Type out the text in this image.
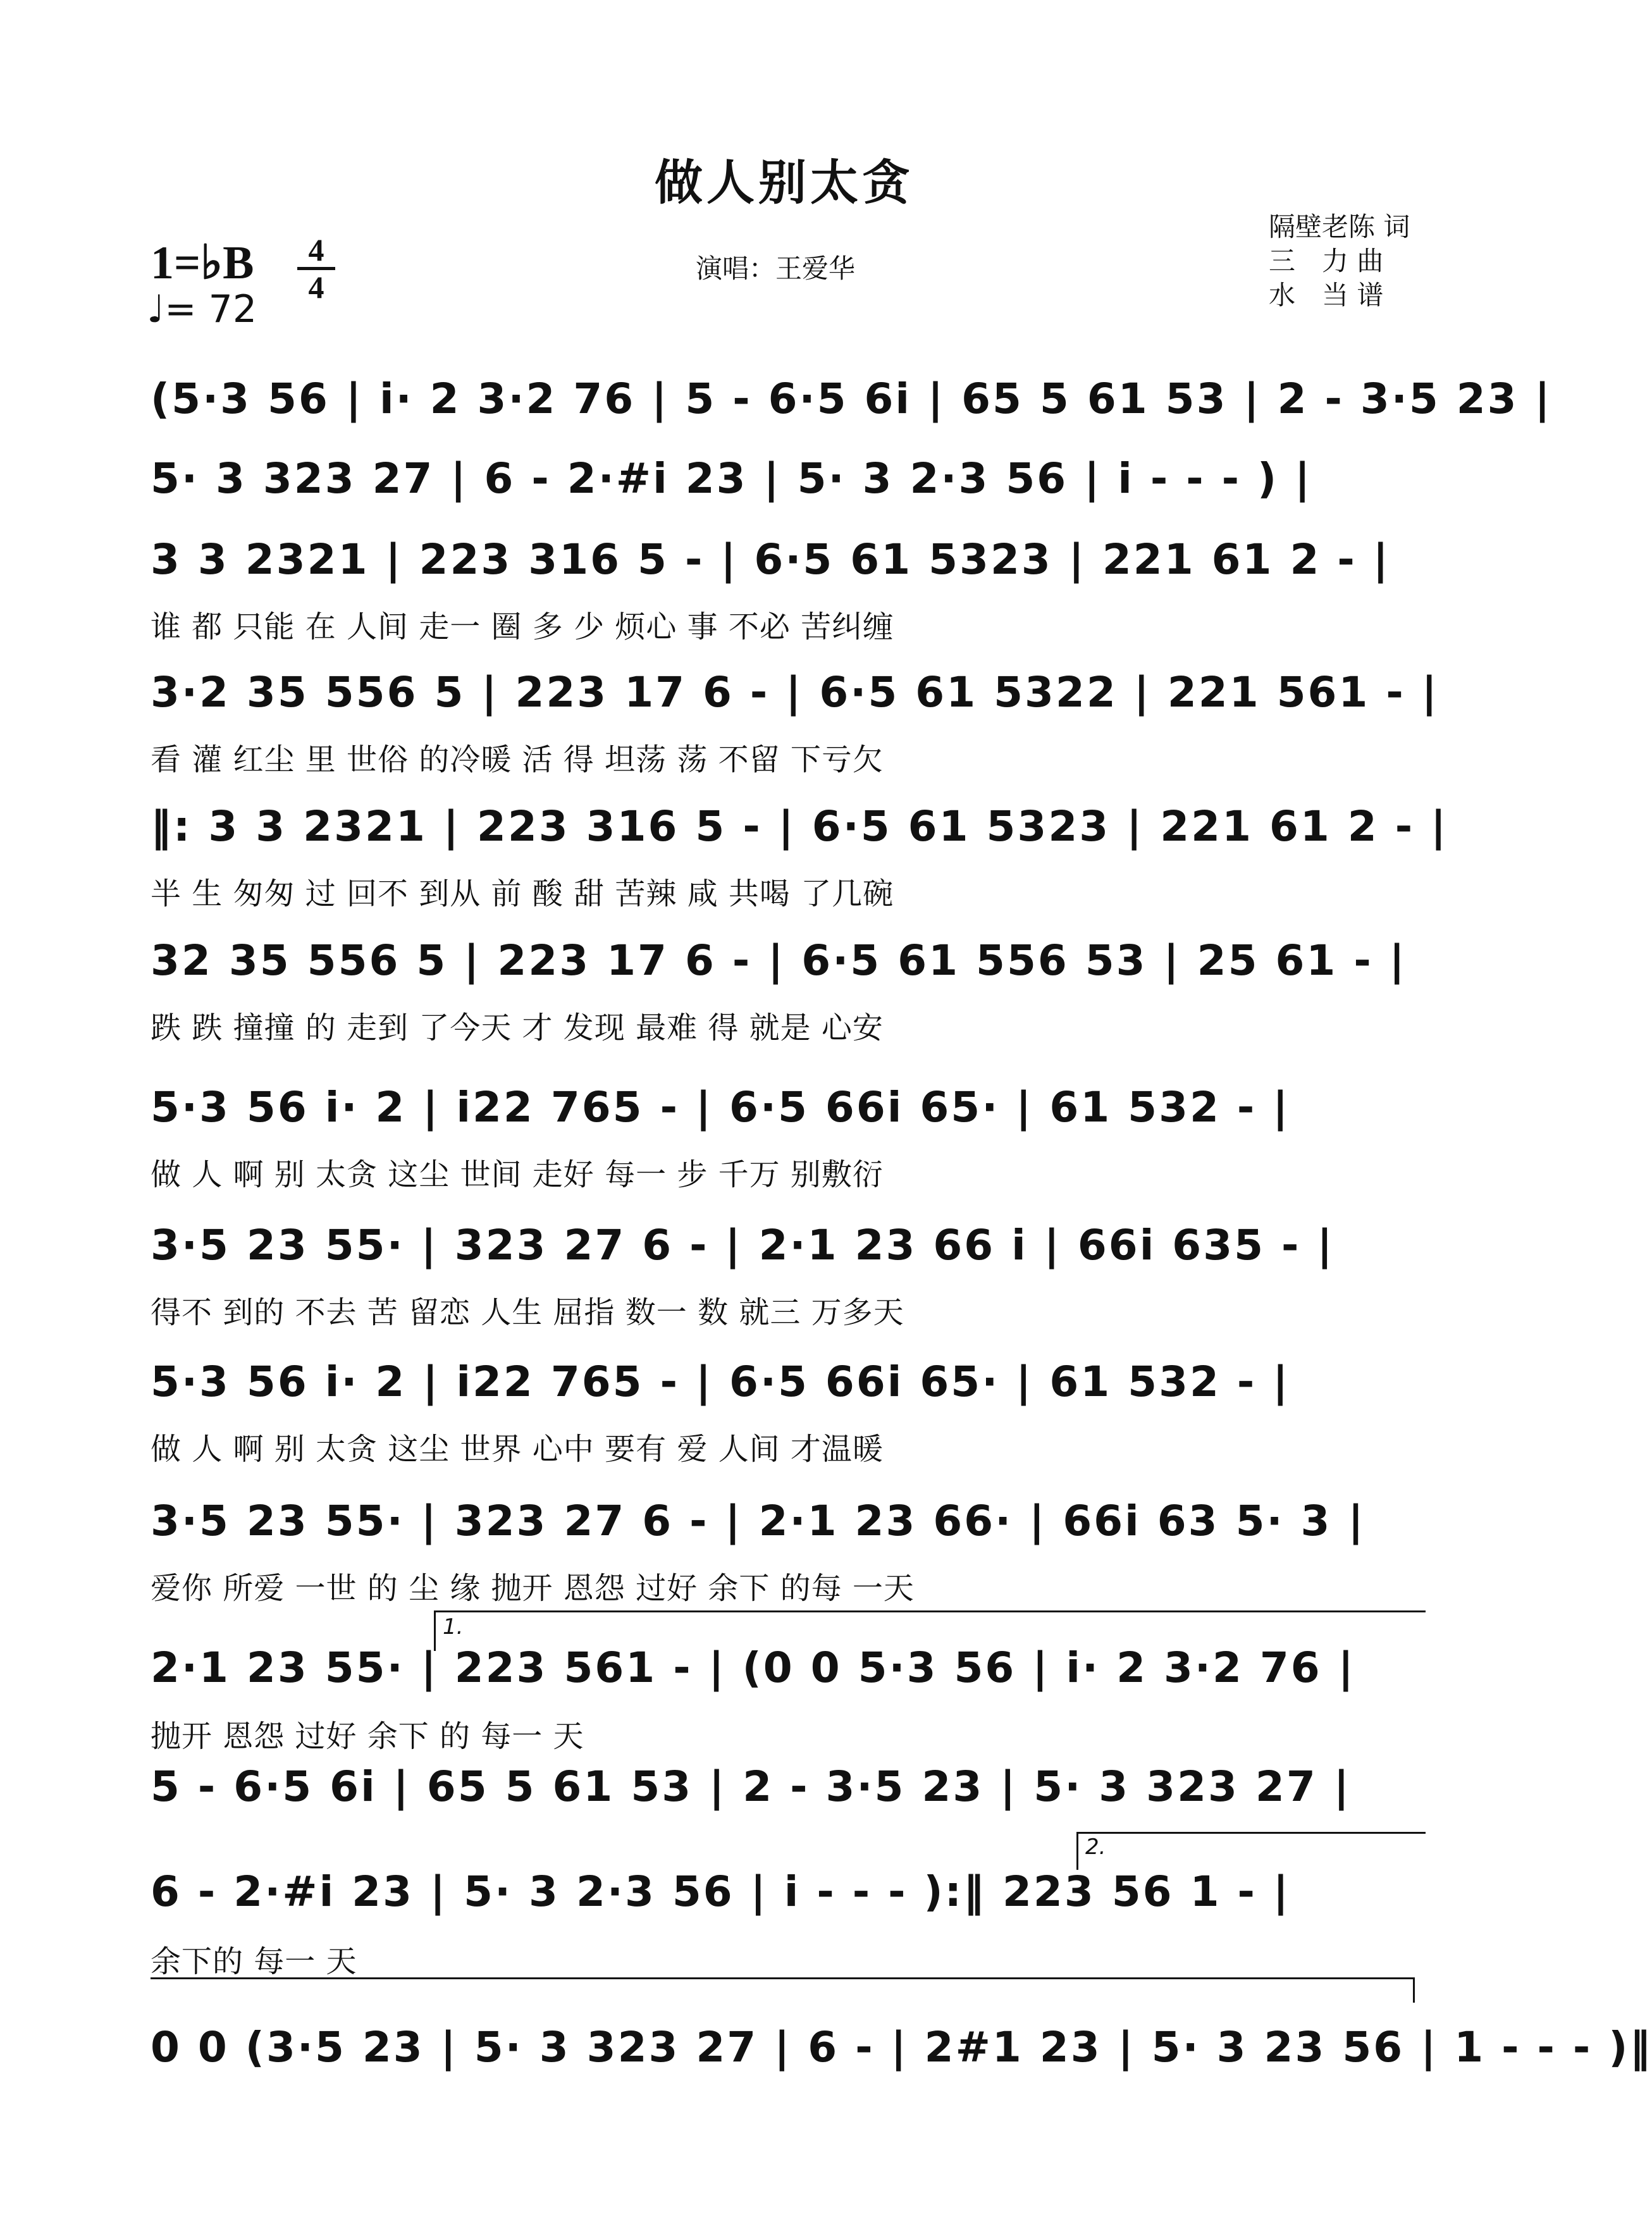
做人别太贪
1=♭B	4
4
♩= 72
演唱：王爱华
隔壁老陈 词
三　力 曲
水　当 谱
(5·3 56 | i· 2 3·2 76 | 5 - 6·5 6i | 65 5 61 53 | 2 - 3·5 23 |
5· 3 323 27 | 6 - 2·#i 23 | 5· 3 2·3 56 | i - - - ) |
3 3 2321 | 223 316 5 - | 6·5 61 5323 | 221 61 2 - |
谁 都 只能 在 人间 走一 圈 多 少 烦心 事 不必 苦纠缠
3·2 35 556 5 | 223 17 6 - | 6·5 61 5322 | 221 561 - |
看 灌 红尘 里 世俗 的冷暖 活 得 坦荡 荡 不留 下亏欠
‖: 3 3 2321 | 223 316 5 - | 6·5 61 5323 | 221 61 2 - |
半 生 匆匆 过 回不 到从 前 酸 甜 苦辣 咸 共喝 了几碗
32 35 556 5 | 223 17 6 - | 6·5 61 556 53 | 25 61 - |
跌 跌 撞撞 的 走到 了今天 才 发现 最难 得 就是 心安
5·3 56 i· 2 | i22 765 - | 6·5 66i 65· | 61 532 - |
做 人 啊 别 太贪 这尘 世间 走好 每一 步 千万 别敷衍
3·5 23 55· | 323 27 6 - | 2·1 23 66 i | 66i 635 - |
得不 到的 不去 苦 留恋 人生 屈指 数一 数 就三 万多天
5·3 56 i· 2 | i22 765 - | 6·5 66i 65· | 61 532 - |
做 人 啊 别 太贪 这尘 世界 心中 要有 爱 人间 才温暖
3·5 23 55· | 323 27 6 - | 2·1 23 66· | 66i 63 5· 3 |
爱你 所爱 一世 的 尘 缘 抛开 恩怨 过好 余下 的每 一天
1.
2·1 23 55· | 223 561 - | (0 0 5·3 56 | i· 2 3·2 76 |
抛开 恩怨 过好 余下 的 每一 天
5 - 6·5 6i | 65 5 61 53 | 2 - 3·5 23 | 5· 3 323 27 |
2.
6 - 2·#i 23 | 5· 3 2·3 56 | i - - - ):‖ 223 56 1 - |
余下的 每一 天
0 0 (3·5 23 | 5· 3 323 27 | 6 - | 2#1 23 | 5· 3 23 56 | 1 - - - )‖
